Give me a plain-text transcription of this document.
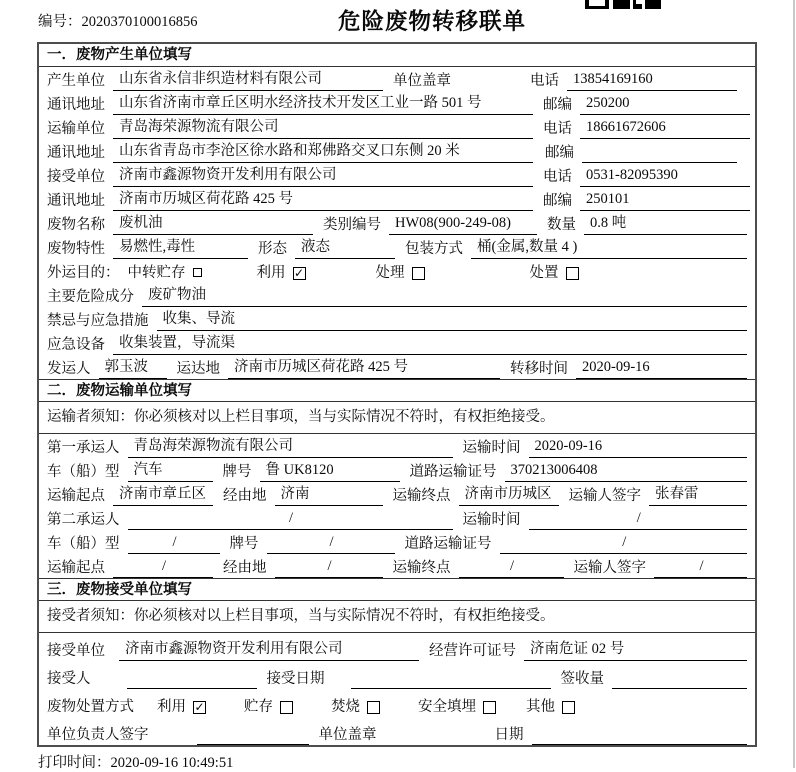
编号：2020370100016856	危险废物转移联单
一．废物产生单位填写
产生单位 山东省永信非织造材料有限公司	单位盖章	电话 13854169160
通讯地址 山东省济南市章丘区明水经济技术开发区工业一路 501 号	邮编 250200
运输单位 青岛海荣源物流有限公司	电话 18661672606
通讯地址 山东省青岛市李沧区徐水路和郑佛路交叉口东侧 20 米	邮编
接受单位 济南市鑫源物资开发利用有限公司	电话 0531-82095390
通讯地址 济南市历城区荷花路 425 号	邮编 250101
废物名称 废机油	类别编号 HW08(900-249-08)	数量 0.8 吨
废物特性 易燃性,毒性	形态 液态	包装方式 桶(金属,数量 4 )
外运目的： 中转贮存	利用 ✓	处理	处置
主要危险成分 废矿物油
禁忌与应急措施 收集、导流
应急设备 收集装置，导流渠
发运人 郭玉波	运达地 济南市历城区荷花路 425 号	转移时间 2020-09-16
二．废物运输单位填写
运输者须知：你必须核对以上栏目事项，当与实际情况不符时，有权拒绝接受。
第一承运人 青岛海荣源物流有限公司	运输时间 2020-09-16
车（船）型 汽车	牌号 鲁 UK8120	道路运输证号 370213006408
运输起点 济南市章丘区	经由地 济南	运输终点 济南市历城区	运输人签字 张春雷
第二承运人	/	运输时间	/
车（船）型	/	牌号	/	道路运输证号	/
运输起点	/	经由地	/	运输终点	/	运输人签字	/
三．废物接受单位填写
接受者须知：你必须核对以上栏目事项，当与实际情况不符时，有权拒绝接受。
接受单位	济南市鑫源物资开发利用有限公司	经营许可证号 济南危证 02 号
接受人	接受日期	签收量
废物处置方式 利用 ✓	贮存	焚烧	安全填埋	其他
单位负责人签字	单位盖章	日期
打印时间：2020-09-16 10:49:51
